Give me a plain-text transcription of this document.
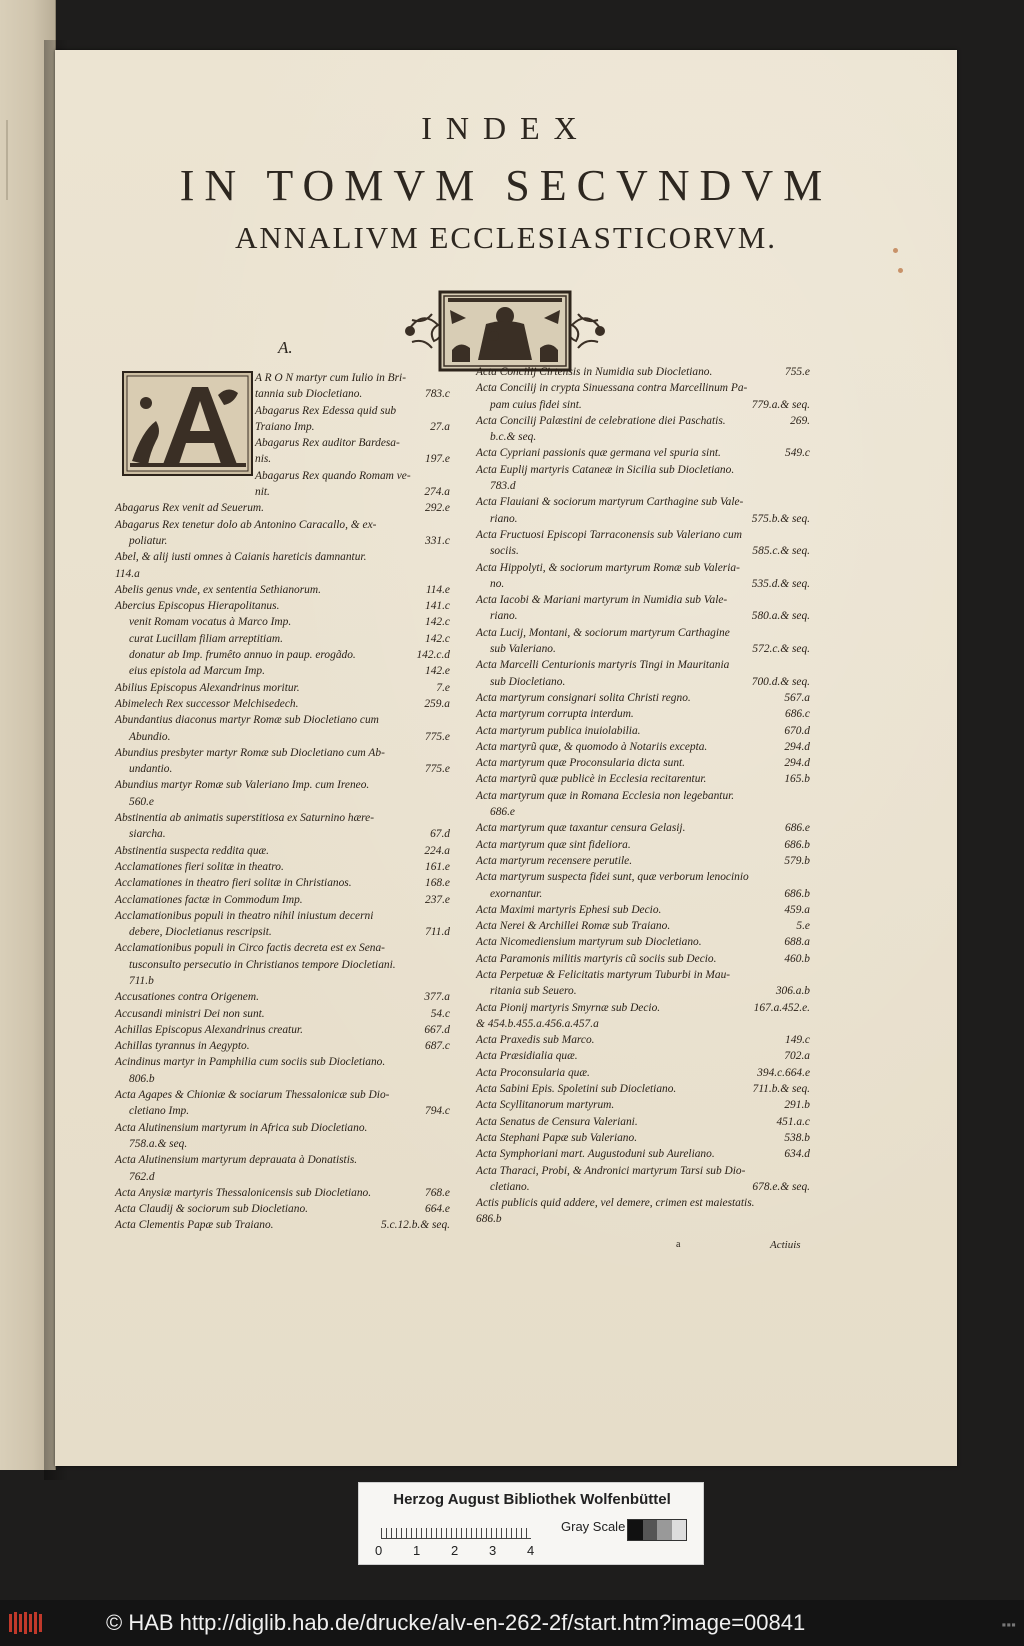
INDEX
IN TOMVM SECVNDVM
ANNALIVM ECCLESIASTICORVM.
A.
A R O N martyr cum Iulio in Bri-
tannia sub Diocletiano.	783.c
Abagarus Rex Edessa quid sub
Traiano Imp.	27.a
Abagarus Rex auditor Bardesa-
nis.	197.e
Abagarus Rex quando Romam ve-
nit.	274.a
Abagarus Rex venit ad Seuerum.	292.e
Abagarus Rex tenetur dolo ab Antonino Caracallo, & ex-
poliatur.	331.c
Abel, & alij iusti omnes à Caianis hareticis damnantur.
114.a
Abelis genus vnde, ex sententia Sethianorum.	114.e
Abercius Episcopus Hierapolitanus.	141.c
venit Romam vocatus à Marco Imp.	142.c
curat Lucillam filiam arreptitiam.	142.c
donatur ab Imp. frumêto annuo in paup. erogãdo.	142.c.d
eius epistola ad Marcum Imp.	142.e
Abilius Episcopus Alexandrinus moritur.	7.e
Abimelech Rex successor Melchisedech.	259.a
Abundantius diaconus martyr Romæ sub Diocletiano cum
Abundio.	775.e
Abundius presbyter martyr Romæ sub Diocletiano cum Ab-
undantio.	775.e
Abundius martyr Romæ sub Valeriano Imp. cum Ireneo.
560.e
Abstinentia ab animatis superstitiosa ex Saturnino hære-
siarcha.	67.d
Abstinentia suspecta reddita quæ.	224.a
Acclamationes fieri solitæ in theatro.	161.e
Acclamationes in theatro fieri solitæ in Christianos.	168.e
Acclamationes factæ in Commodum Imp.	237.e
Acclamationibus populi in theatro nihil iniustum decerni
debere, Diocletianus rescripsit.	711.d
Acclamationibus populi in Circo factis decreta est ex Sena-
tusconsulto persecutio in Christianos tempore Diocletiani.
711.b
Accusationes contra Origenem.	377.a
Accusandi ministri Dei non sunt.	54.c
Achillas Episcopus Alexandrinus creatur.	667.d
Achillas tyrannus in Aegypto.	687.c
Acindinus martyr in Pamphilia cum sociis sub Diocletiano.
806.b
Acta Agapes & Chioniæ & sociarum Thessalonicæ sub Dio-
cletiano Imp.	794.c
Acta Alutinensium martyrum in Africa sub Diocletiano.
758.a.& seq.
Acta Alutinensium martyrum deprauata à Donatistis.
762.d
Acta Anysiæ martyris Thessalonicensis sub Diocletiano.	768.e
Acta Claudij & sociorum sub Diocletiano.	664.e
Acta Clementis Papæ sub Traiano.	5.c.12.b.& seq.
Acta Concilij Cirtensis in Numidia sub Diocletiano.	755.e
Acta Concilij in crypta Sinuessana contra Marcellinum Pa-
pam cuius fidei sint.	779.a.& seq.
Acta Concilij Palæstini de celebratione diei Paschatis.	269.
b.c.& seq.
Acta Cypriani passionis quæ germana vel spuria sint.	549.c
Acta Euplij martyris Cataneæ in Sicilia sub Diocletiano.
783.d
Acta Flauiani & sociorum martyrum Carthagine sub Vale-
riano.	575.b.& seq.
Acta Fructuosi Episcopi Tarraconensis sub Valeriano cum
sociis.	585.c.& seq.
Acta Hippolyti, & sociorum martyrum Romæ sub Valeria-
no.	535.d.& seq.
Acta Iacobi & Mariani martyrum in Numidia sub Vale-
riano.	580.a.& seq.
Acta Lucij, Montani, & sociorum martyrum Carthagine
sub Valeriano.	572.c.& seq.
Acta Marcelli Centurionis martyris Tingi in Mauritania
sub Diocletiano.	700.d.& seq.
Acta martyrum consignari solita Christi regno.	567.a
Acta martyrum corrupta interdum.	686.c
Acta martyrum publica inuiolabilia.	670.d
Acta martyrũ quæ, & quomodo à Notariis excepta.	294.d
Acta martyrum quæ Proconsularia dicta sunt.	294.d
Acta martyrũ quæ publicè in Ecclesia recitarentur.	165.b
Acta martyrum quæ in Romana Ecclesia non legebantur.
686.e
Acta martyrum quæ taxantur censura Gelasij.	686.e
Acta martyrum quæ sint fideliora.	686.b
Acta martyrum recensere perutile.	579.b
Acta martyrum suspecta fidei sunt, quæ verborum lenocinio
exornantur.	686.b
Acta Maximi martyris Ephesi sub Decio.	459.a
Acta Nerei & Archillei Romæ sub Traiano.	5.e
Acta Nicomediensium martyrum sub Diocletiano.	688.a
Acta Paramonis militis martyris cũ sociis sub Decio.	460.b
Acta Perpetuæ & Felicitatis martyrum Tuburbi in Mau-
ritania sub Seuero.	306.a.b
Acta Pionij martyris Smyrnæ sub Decio.	167.a.452.e.
& 454.b.455.a.456.a.457.a
Acta Praxedis sub Marco.	149.c
Acta Præsidialia quæ.	702.a
Acta Proconsularia quæ.	394.c.664.e
Acta Sabini Epis. Spoletini sub Diocletiano.	711.b.& seq.
Acta Scyllitanorum martyrum.	291.b
Acta Senatus de Censura Valeriani.	451.a.c
Acta Stephani Papæ sub Valeriano.	538.b
Acta Symphoriani mart. Augustoduni sub Aureliano.	634.d
Acta Tharaci, Probi, & Andronici martyrum Tarsi sub Dio-
cletiano.	678.e.& seq.
Actis publicis quid addere, vel demere, crimen est maiestatis.
686.b
a	Actiuis
Herzog August Bibliothek Wolfenbüttel
0 1 2 3 4
Gray Scale
© HAB http://diglib.hab.de/drucke/alv-en-262-2f/start.htm?image=00841	▪▪▪
